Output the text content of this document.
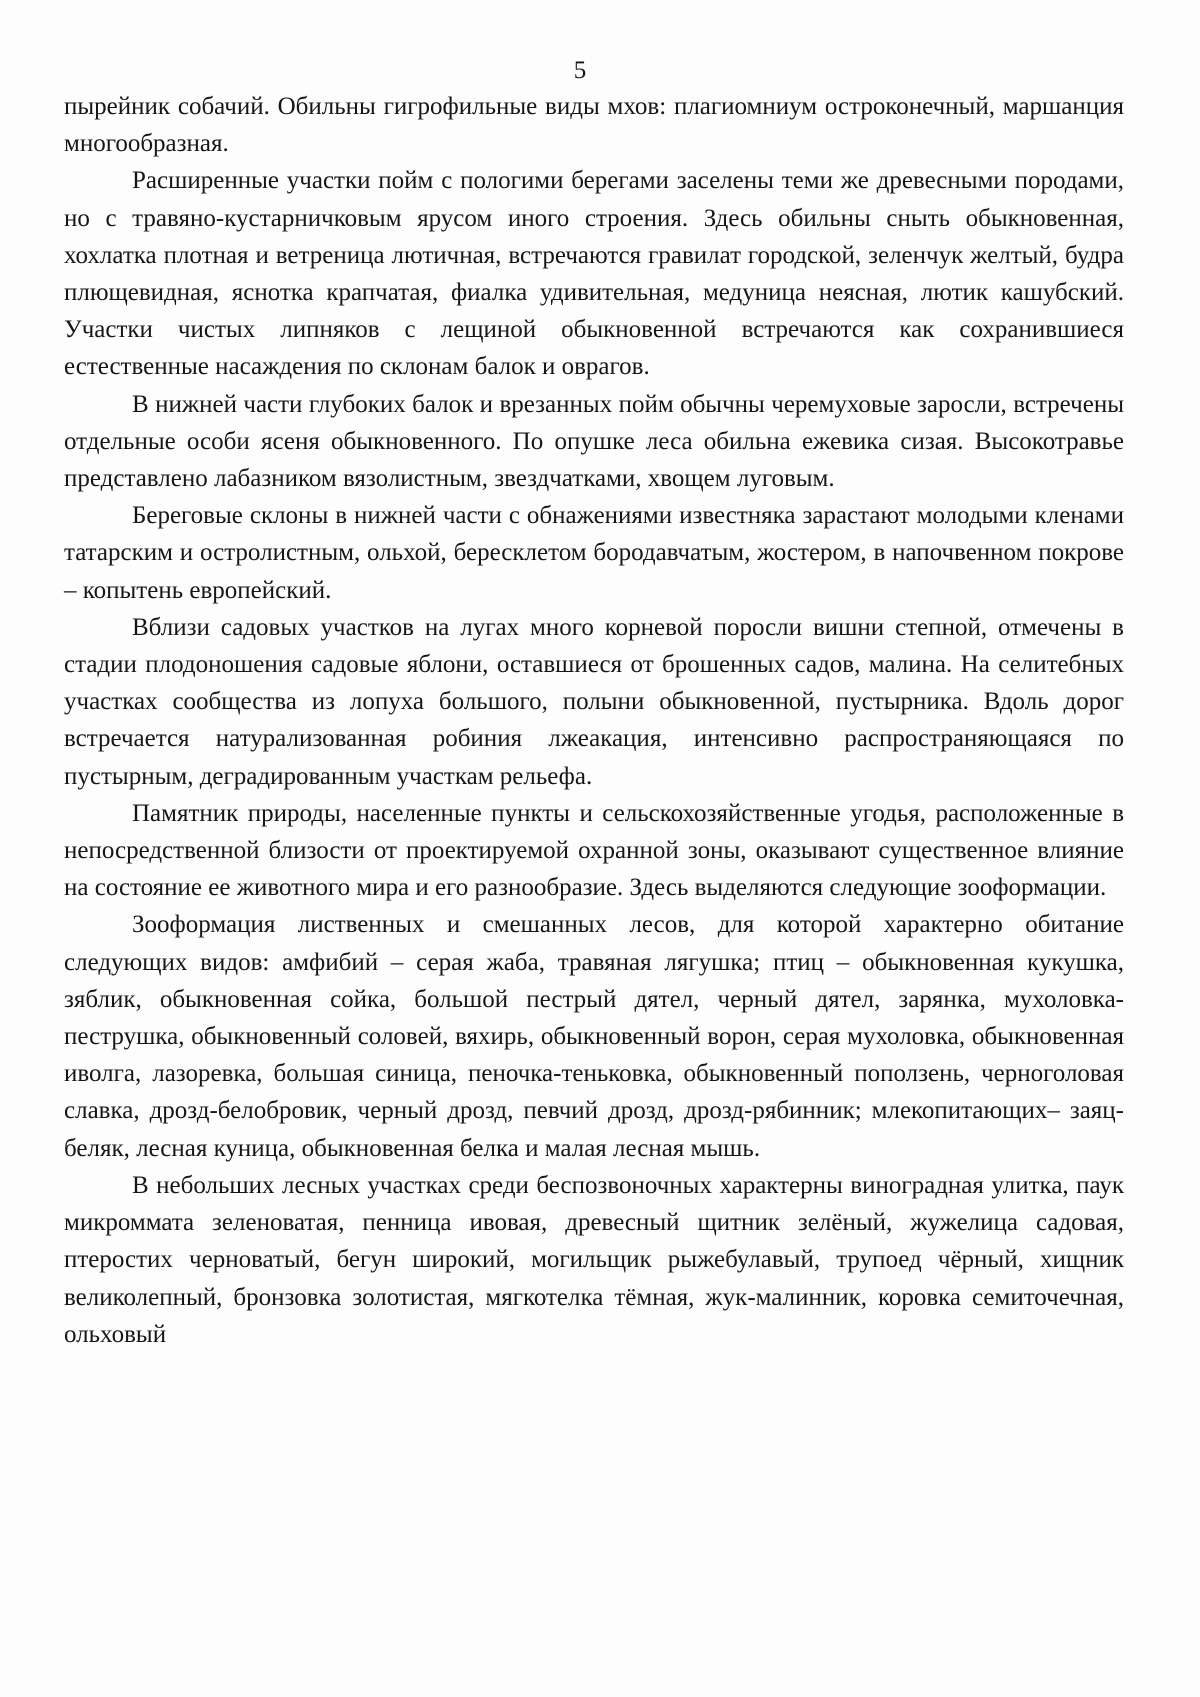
5

пырейник собачий. Обильны гигрофильные виды мхов: плагиомниум остроконечный, маршанция многообразная.

Расширенные участки пойм с пологими берегами заселены теми же древесными породами, но с травяно-кустарничковым ярусом иного строения. Здесь обильны сныть обыкновенная, хохлатка плотная и ветреница лютичная, встречаются гравилат городской, зеленчук желтый, будра плющевидная, яснотка крапчатая, фиалка удивительная, медуница неясная, лютик кашубский. Участки чистых липняков с лещиной обыкновенной встречаются как сохранившиеся естественные насаждения по склонам балок и оврагов.

В нижней части глубоких балок и врезанных пойм обычны черемуховые заросли, встречены отдельные особи ясеня обыкновенного. По опушке леса обильна ежевика сизая. Высокотравье представлено лабазником вязолистным, звездчатками, хвощем луговым.

Береговые склоны в нижней части с обнажениями известняка зарастают молодыми кленами татарским и остролистным, ольхой, бересклетом бородавчатым, жостером, в напочвенном покрове – копытень европейский.

Вблизи садовых участков на лугах много корневой поросли вишни степной, отмечены в стадии плодоношения садовые яблони, оставшиеся от брошенных садов, малина. На селитебных участках сообщества из лопуха большого, полыни обыкновенной, пустырника. Вдоль дорог встречается натурализованная робиния лжеакация, интенсивно распространяющаяся по пустырным, деградированным участкам рельефа.

Памятник природы, населенные пункты и сельскохозяйственные угодья, расположенные в непосредственной близости от проектируемой охранной зоны, оказывают существенное влияние на состояние ее животного мира и его разнообразие. Здесь выделяются следующие зооформации.

Зооформация лиственных и смешанных лесов, для которой характерно обитание следующих видов: амфибий – серая жаба, травяная лягушка; птиц – обыкновенная кукушка, зяблик, обыкновенная сойка, большой пестрый дятел, черный дятел, зарянка, мухоловка-пеструшка, обыкновенный соловей, вяхирь, обыкновенный ворон, серая мухоловка, обыкновенная иволга, лазоревка, большая синица, пеночка-теньковка, обыкновенный поползень, черноголовая славка, дрозд-белобровик, черный дрозд, певчий дрозд, дрозд-рябинник; млекопитающих– заяц-беляк, лесная куница, обыкновенная белка и малая лесная мышь.

В небольших лесных участках среди беспозвоночных характерны виноградная улитка, паук микроммата зеленоватая, пенница ивовая, древесный щитник зелёный, жужелица садовая, птеростих черноватый, бегун широкий, могильщик рыжебулавый, трупоед чёрный, хищник великолепный, бронзовка золотистая, мягкотелка тёмная, жук-малинник, коровка семиточечная, ольховый
